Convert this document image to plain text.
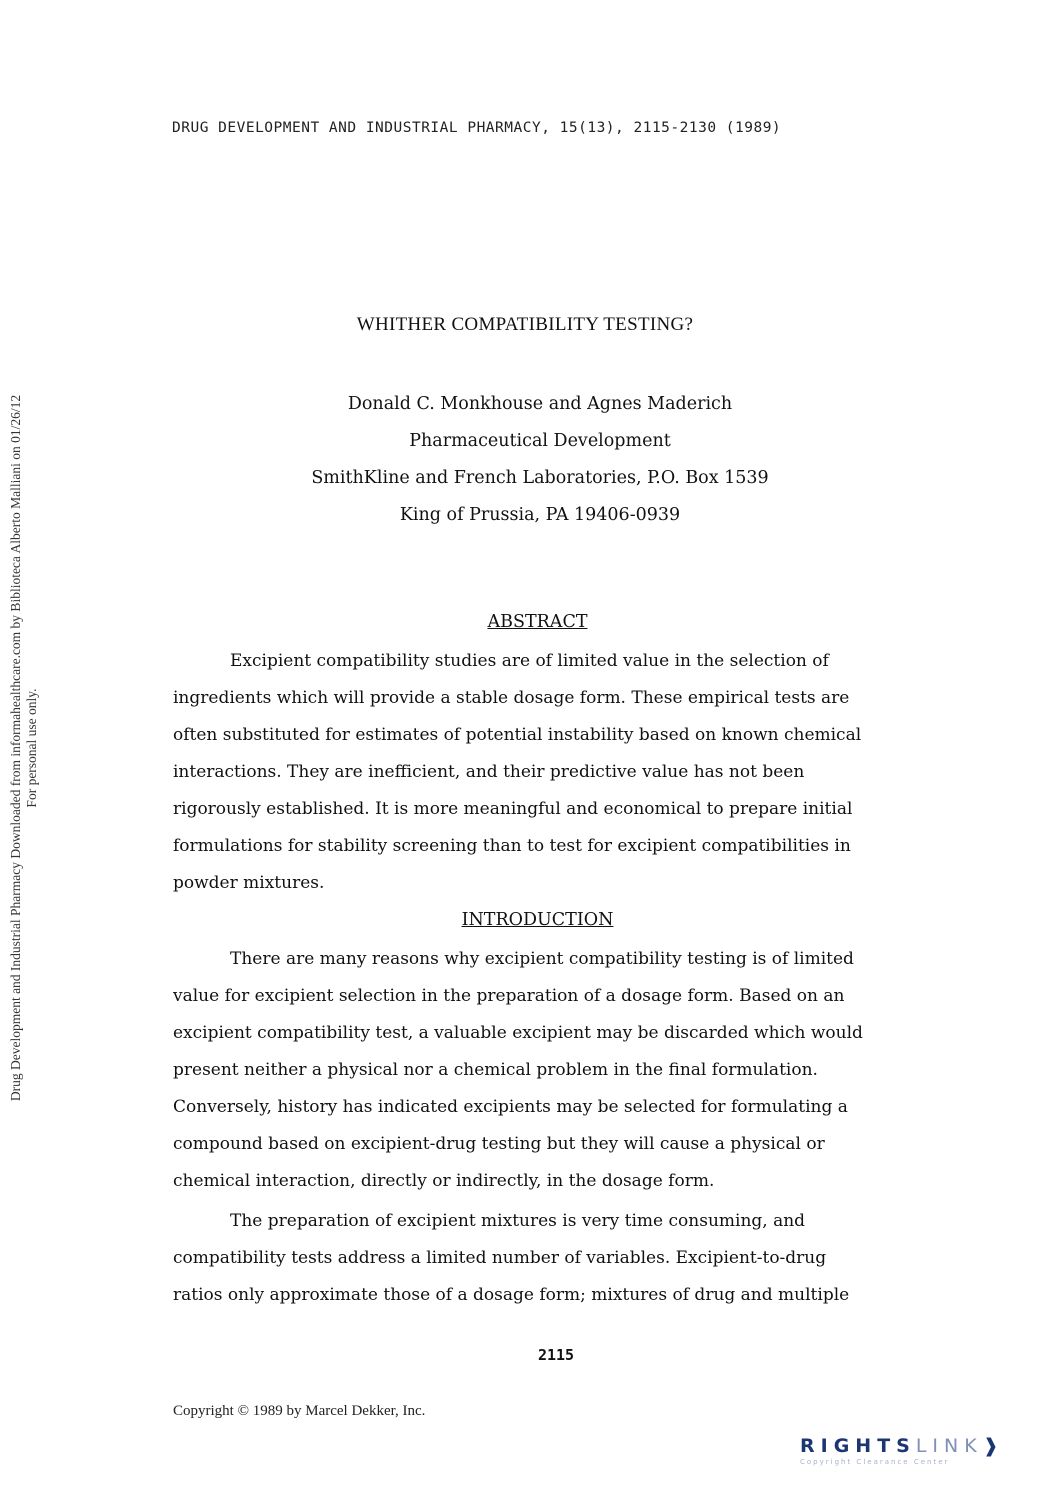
DRUG DEVELOPMENT AND INDUSTRIAL PHARMACY, 15(13), 2115-2130 (1989)
Drug Development and Industrial Pharmacy Downloaded from informahealthcare.com by Biblioteca Alberto Malliani on 01/26/12 For personal use only.
WHITHER COMPATIBILITY TESTING?
Donald C. Monkhouse and Agnes Maderich
Pharmaceutical Development
SmithKline and French Laboratories, P.O. Box 1539
King of Prussia, PA 19406-0939
ABSTRACT
Excipient compatibility studies are of limited value in the selection of
ingredients which will provide a stable dosage form. These empirical tests are
often substituted for estimates of potential instability based on known chemical
interactions. They are inefficient, and their predictive value has not been
rigorously established. It is more meaningful and economical to prepare initial
formulations for stability screening than to test for excipient compatibilities in
powder mixtures.
INTRODUCTION
There are many reasons why excipient compatibility testing is of limited
value for excipient selection in the preparation of a dosage form. Based on an
excipient compatibility test, a valuable excipient may be discarded which would
present neither a physical nor a chemical problem in the final formulation.
Conversely, history has indicated excipients may be selected for formulating a
compound based on excipient-drug testing but they will cause a physical or
chemical interaction, directly or indirectly, in the dosage form.
The preparation of excipient mixtures is very time consuming, and
compatibility tests address a limited number of variables. Excipient-to-drug
ratios only approximate those of a dosage form; mixtures of drug and multiple
2115
Copyright © 1989 by Marcel Dekker, Inc.
RIGHTSLINK❱
Copyright Clearance Center
